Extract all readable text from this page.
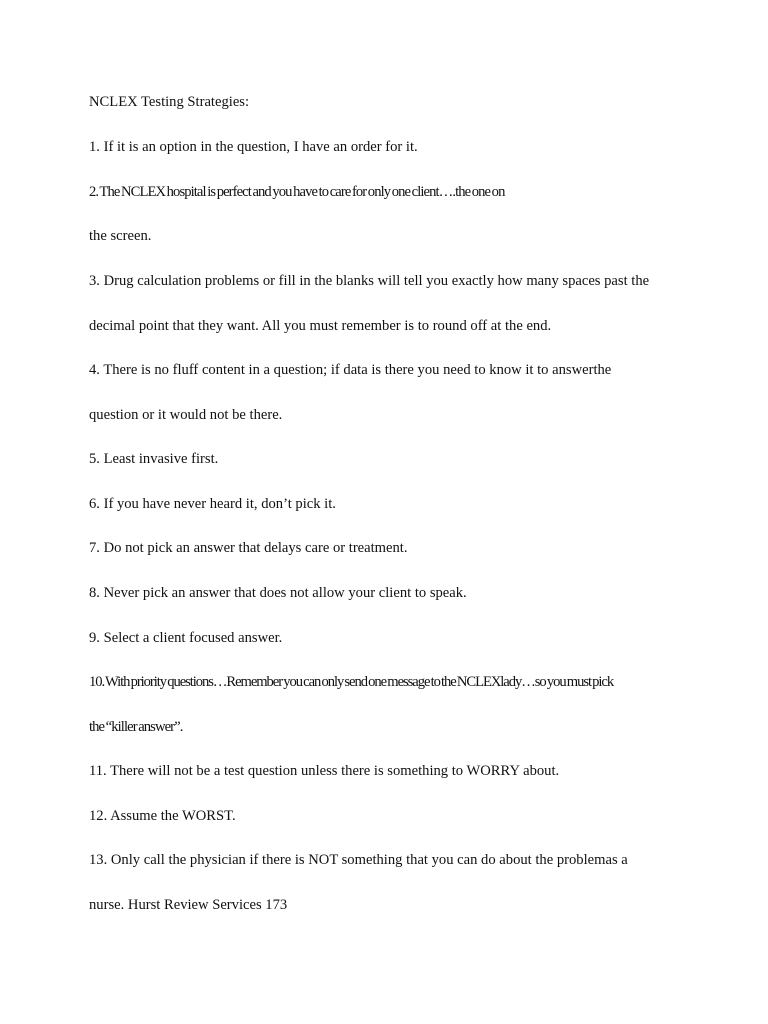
NCLEX Testing Strategies:
1. If it is an option in the question, I have an order for it.
2. The NCLEX hospital is perfect and you have to care for only one client….the one on
the screen.
3. Drug calculation problems or fill in the blanks will tell you exactly how many spaces past the
decimal point that they want. All you must remember is to round off at the end.
4. There is no fluff content in a question; if data is there you need to know it to answerthe
question or it would not be there.
5. Least invasive first.
6. If you have never heard it, don’t pick it.
7. Do not pick an answer that delays care or treatment.
8. Never pick an answer that does not allow your client to speak.
9. Select a client focused answer.
10. With priority questions…Remember you can only send one message to the NCLEXlady…so you must pick
the “killer answer”.
11. There will not be a test question unless there is something to WORRY about.
12. Assume the WORST.
13. Only call the physician if there is NOT something that you can do about the problemas a
nurse. Hurst Review Services 173
